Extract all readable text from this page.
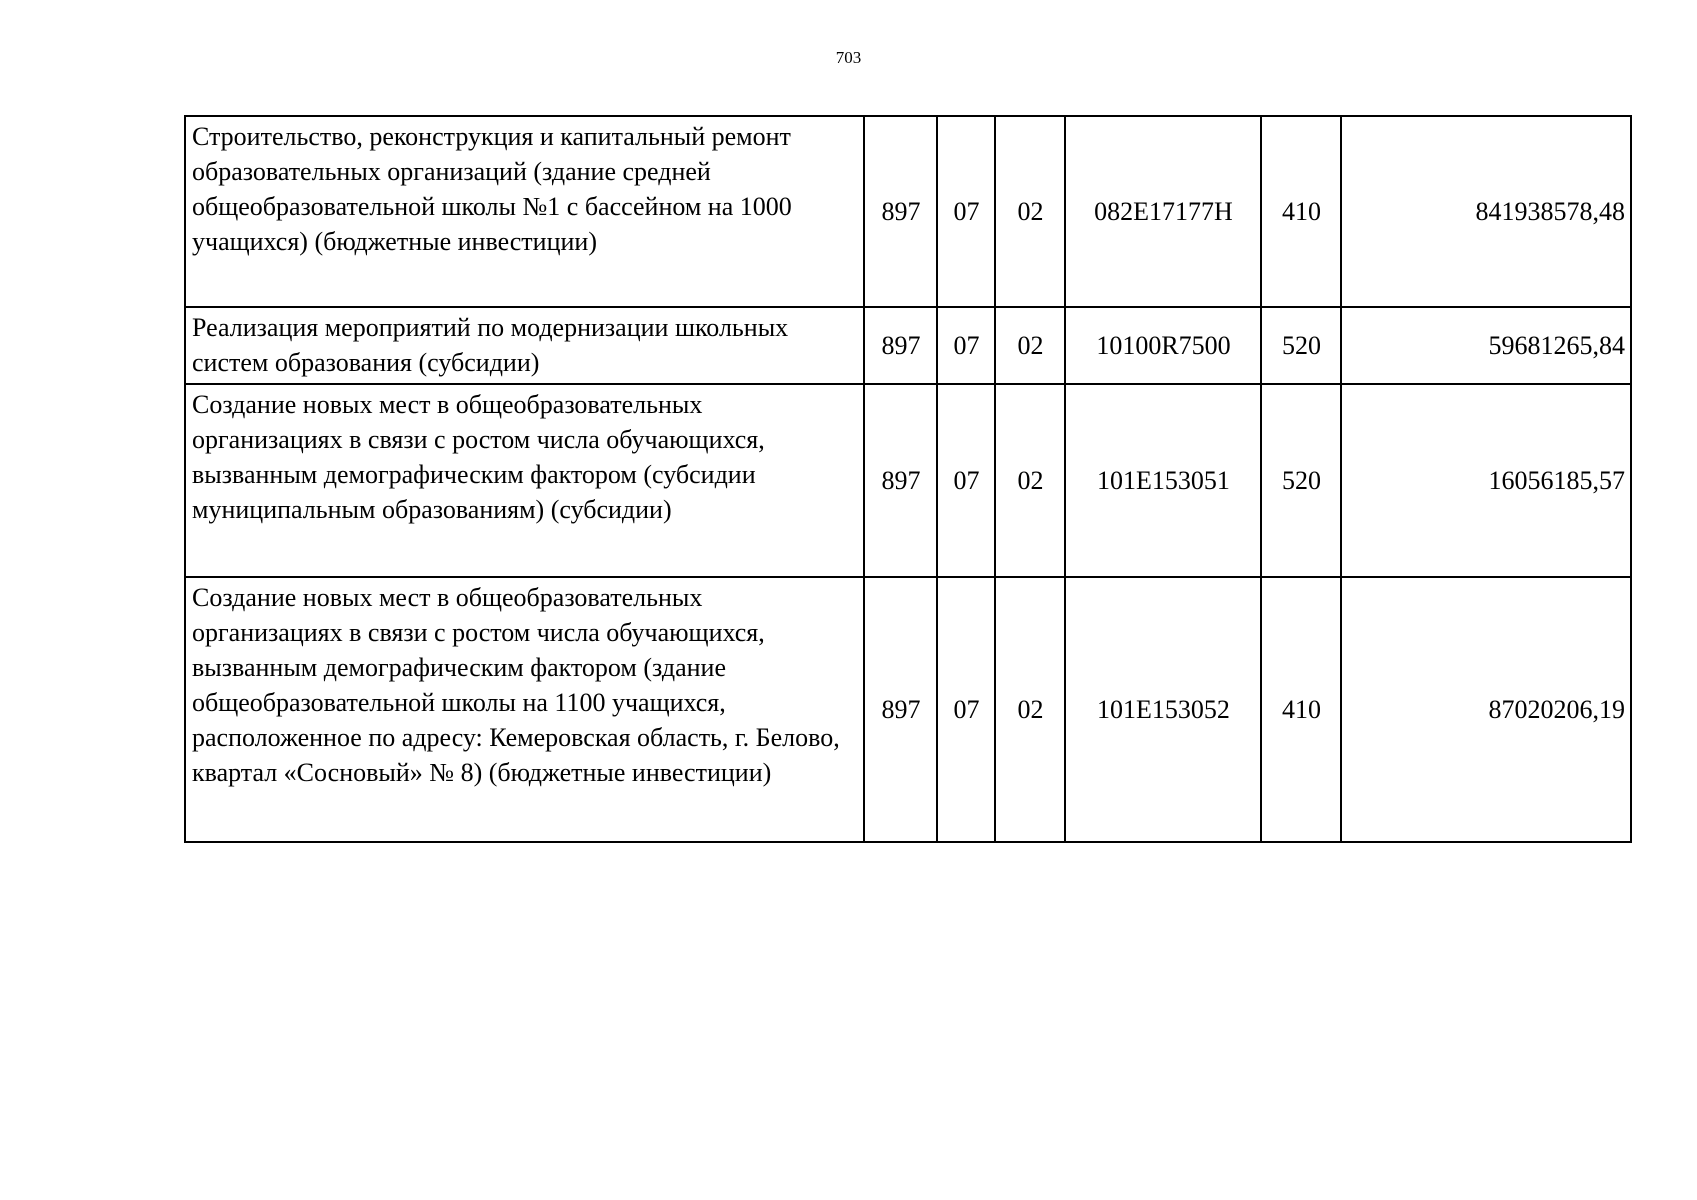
703
Строительство, реконструкция и капитальный ремонт образовательных организаций (здание средней общеобразовательной школы №1 с бассейном на 1000 учащихся) (бюджетные инвестиции)	897	07	02	082E17177Н	410	841938578,48
Реализация мероприятий по модернизации школьных систем образования (субсидии)	897	07	02	10100R7500	520	59681265,84
Создание новых мест в общеобразовательных организациях в связи с ростом числа обучающихся, вызванным демографическим фактором (субсидии муниципальным образованиям) (субсидии)	897	07	02	101E153051	520	16056185,57
Создание новых мест в общеобразовательных организациях в связи с ростом числа обучающихся, вызванным демографическим фактором (здание общеобразовательной школы на 1100 учащихся, расположенное по адресу: Кемеровская область, г. Белово, квартал «Сосновый» № 8) (бюджетные инвестиции)	897	07	02	101E153052	410	87020206,19
